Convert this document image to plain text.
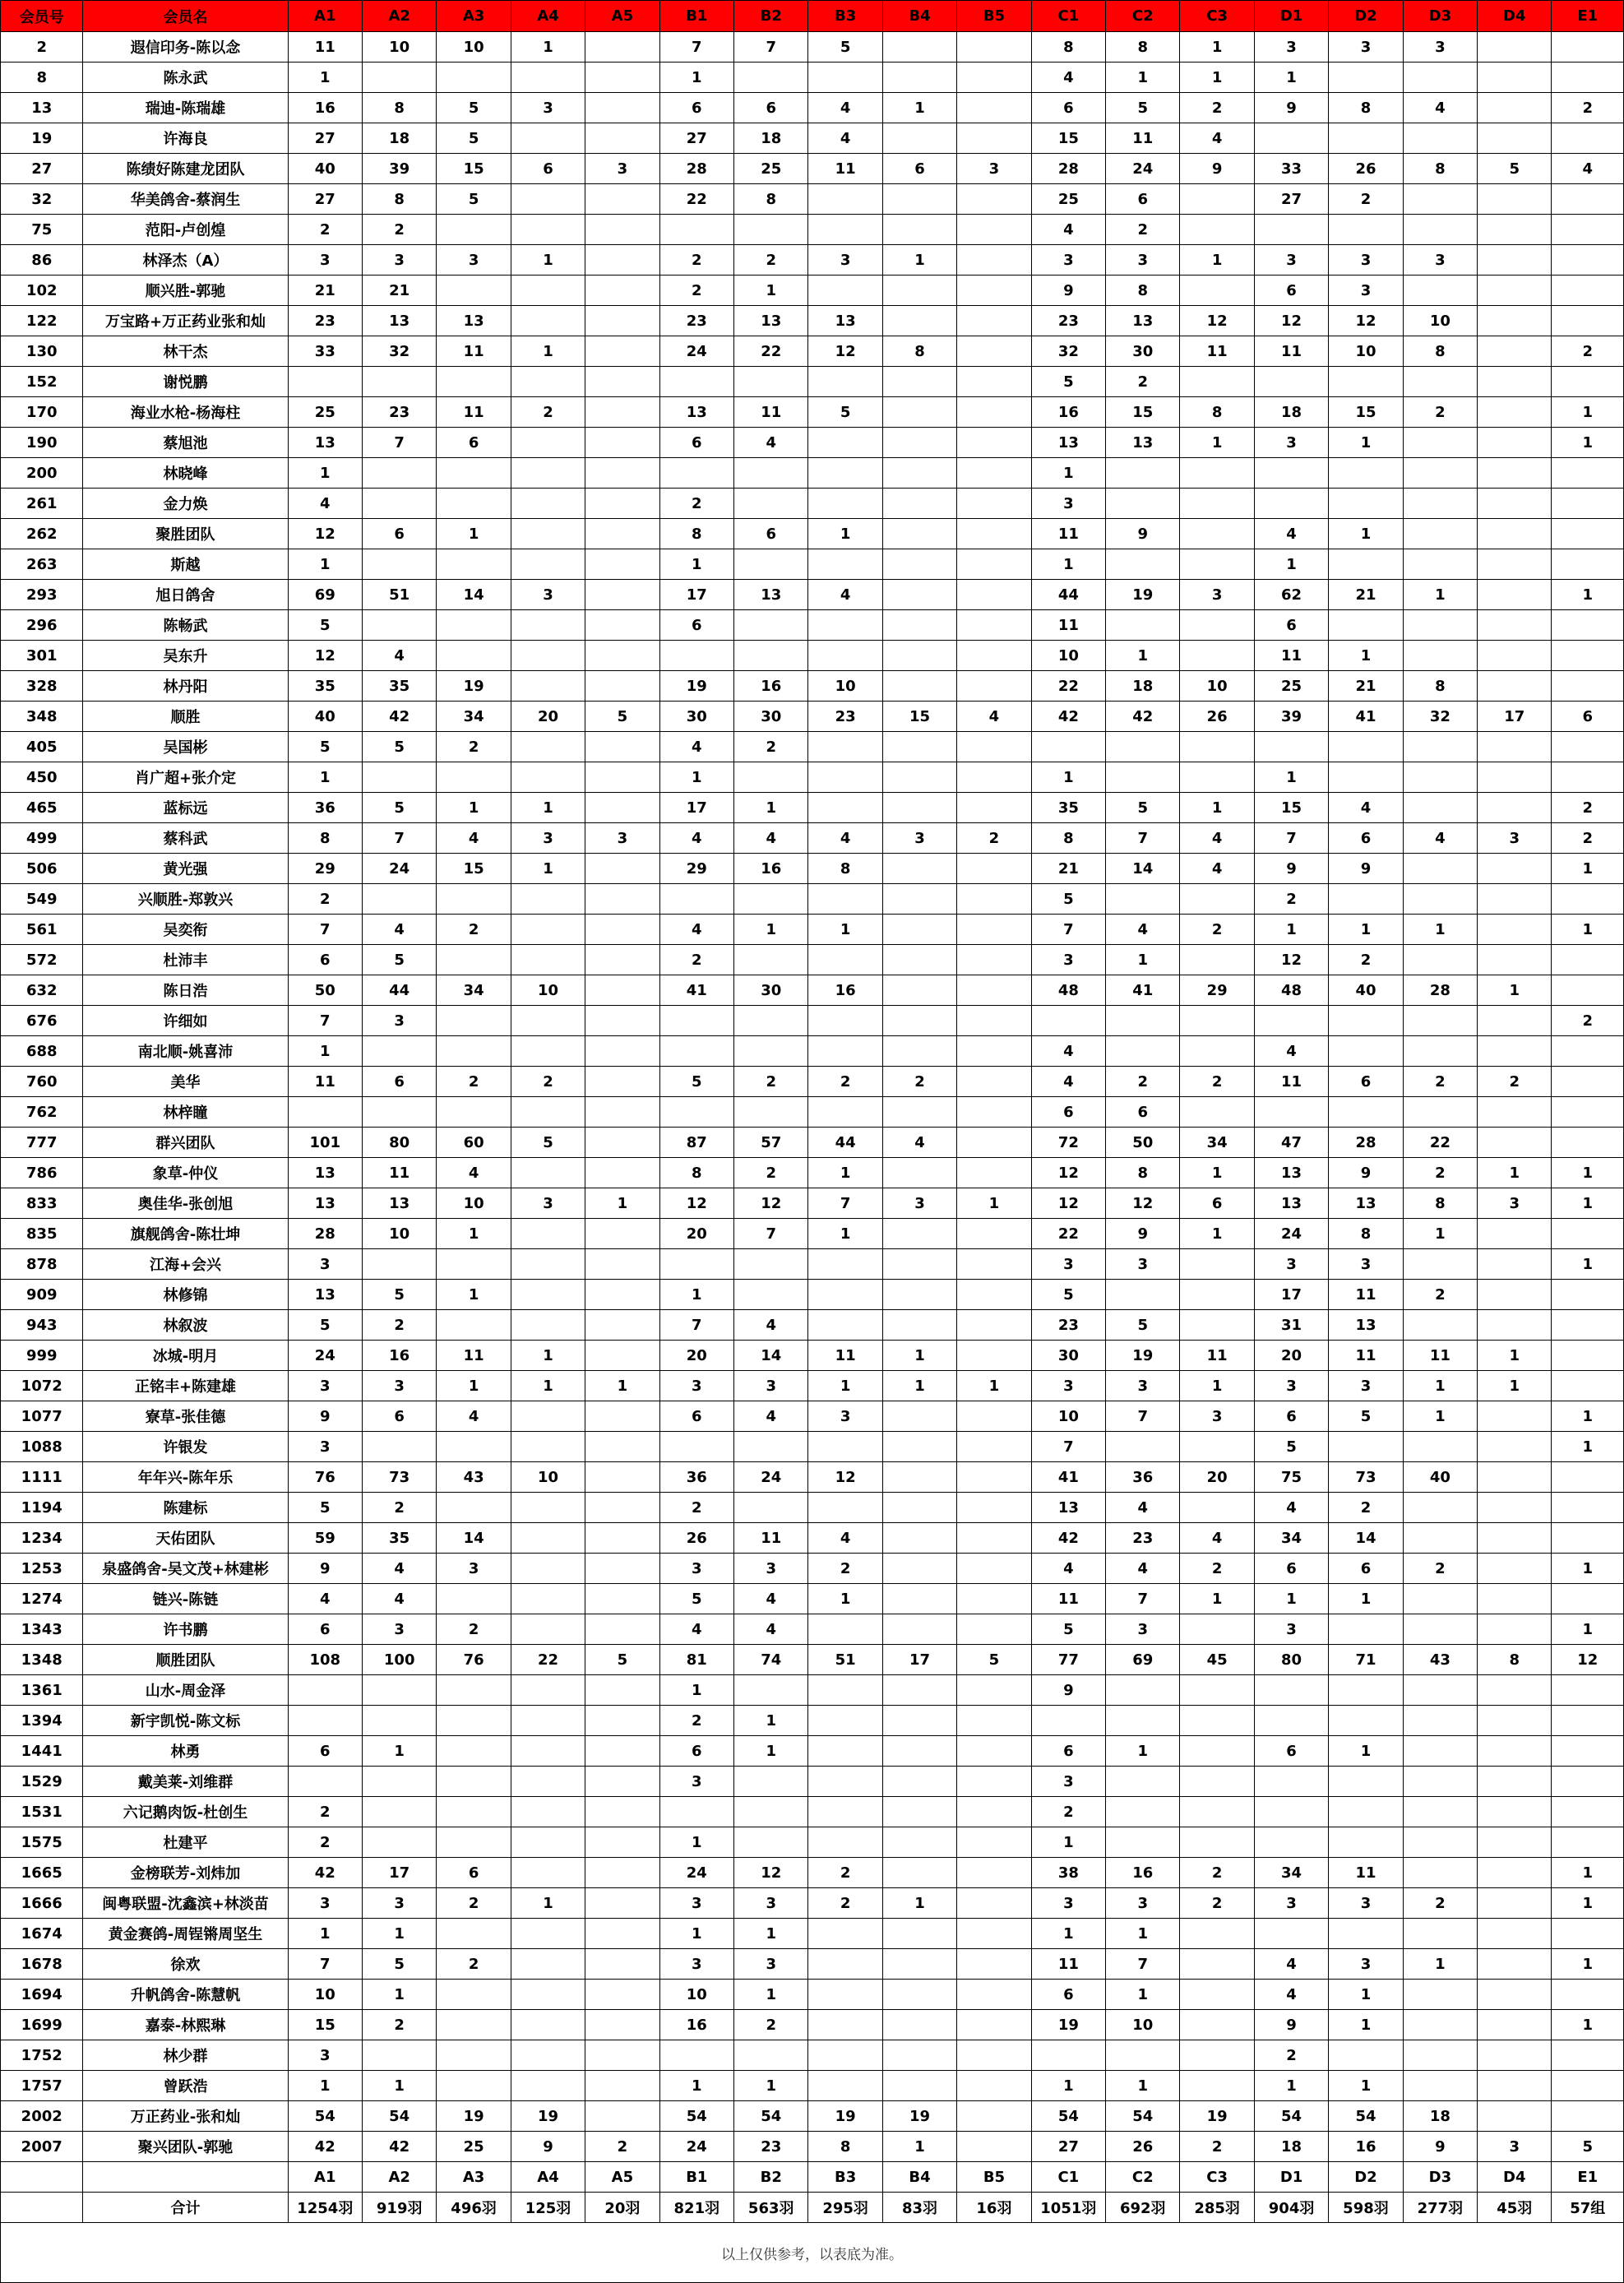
会员号	会员名	A1	A2	A3	A4	A5	B1	B2	B3	B4	B5	C1	C2	C3	D1	D2	D3	D4	E1
2	遐信印务-陈以念	11	10	10	1		7	7	5			8	8	1	3	3	3		
8	陈永武	1					1					4	1	1	1				
13	瑞迪-陈瑞雄	16	8	5	3		6	6	4	1		6	5	2	9	8	4		2
19	许海良	27	18	5			27	18	4			15	11	4					
27	陈绩好陈建龙团队	40	39	15	6	3	28	25	11	6	3	28	24	9	33	26	8	5	4
32	华美鸽舍-蔡润生	27	8	5			22	8				25	6		27	2			
75	范阳-卢创煌	2	2									4	2						
86	林泽杰（A）	3	3	3	1		2	2	3	1		3	3	1	3	3	3		
102	顺兴胜-郭驰	21	21				2	1				9	8		6	3			
122	万宝路+万正药业张和灿	23	13	13			23	13	13			23	13	12	12	12	10		
130	林干杰	33	32	11	1		24	22	12	8		32	30	11	11	10	8		2
152	谢悦鹏											5	2						
170	海业水枪-杨海柱	25	23	11	2		13	11	5			16	15	8	18	15	2		1
190	蔡旭池	13	7	6			6	4				13	13	1	3	1			1
200	林晓峰	1										1							
261	金力焕	4					2					3							
262	聚胜团队	12	6	1			8	6	1			11	9		4	1			
263	斯越	1					1					1			1				
293	旭日鸽舍	69	51	14	3		17	13	4			44	19	3	62	21	1		1
296	陈畅武	5					6					11			6				
301	吴东升	12	4									10	1		11	1			
328	林丹阳	35	35	19			19	16	10			22	18	10	25	21	8		
348	顺胜	40	42	34	20	5	30	30	23	15	4	42	42	26	39	41	32	17	6
405	吴国彬	5	5	2			4	2											
450	肖广超+张介定	1					1					1			1				
465	蓝标远	36	5	1	1		17	1				35	5	1	15	4			2
499	蔡科武	8	7	4	3	3	4	4	4	3	2	8	7	4	7	6	4	3	2
506	黄光强	29	24	15	1		29	16	8			21	14	4	9	9			1
549	兴顺胜-郑敦兴	2										5			2				
561	吴奕衔	7	4	2			4	1	1			7	4	2	1	1	1		1
572	杜沛丰	6	5				2					3	1		12	2			
632	陈日浩	50	44	34	10		41	30	16			48	41	29	48	40	28	1	
676	许细如	7	3																2
688	南北顺-姚喜沛	1										4			4				
760	美华	11	6	2	2		5	2	2	2		4	2	2	11	6	2	2	
762	林梓瞳											6	6						
777	群兴团队	101	80	60	5		87	57	44	4		72	50	34	47	28	22		
786	象草-仲仪	13	11	4			8	2	1			12	8	1	13	9	2	1	1
833	奥佳华-张创旭	13	13	10	3	1	12	12	7	3	1	12	12	6	13	13	8	3	1
835	旗舰鸽舍-陈壮坤	28	10	1			20	7	1			22	9	1	24	8	1		
878	江海+会兴	3										3	3		3	3			1
909	林修锦	13	5	1			1					5			17	11	2		
943	林叙波	5	2				7	4				23	5		31	13			
999	冰城-明月	24	16	11	1		20	14	11	1		30	19	11	20	11	11	1	
1072	正铭丰+陈建雄	3	3	1	1	1	3	3	1	1	1	3	3	1	3	3	1	1	
1077	寮草-张佳德	9	6	4			6	4	3			10	7	3	6	5	1		1
1088	许银发	3										7			5				1
1111	年年兴-陈年乐	76	73	43	10		36	24	12			41	36	20	75	73	40		
1194	陈建标	5	2				2					13	4		4	2			
1234	天佑团队	59	35	14			26	11	4			42	23	4	34	14			
1253	泉盛鸽舍-吴文茂+林建彬	9	4	3			3	3	2			4	4	2	6	6	2		1
1274	链兴-陈链	4	4				5	4	1			11	7	1	1	1			
1343	许书鹏	6	3	2			4	4				5	3		3				1
1348	顺胜团队	108	100	76	22	5	81	74	51	17	5	77	69	45	80	71	43	8	12
1361	山水-周金泽						1					9							
1394	新宇凯悦-陈文标						2	1											
1441	林勇	6	1				6	1				6	1		6	1			
1529	戴美莱-刘维群						3					3							
1531	六记鹅肉饭-杜创生	2										2							
1575	杜建平	2					1					1							
1665	金榜联芳-刘炜加	42	17	6			24	12	2			38	16	2	34	11			1
1666	闽粤联盟-沈鑫滨+林淡苗	3	3	2	1		3	3	2	1		3	3	2	3	3	2		1
1674	黄金赛鸽-周锃锵周坚生	1	1				1	1				1	1						
1678	徐欢	7	5	2			3	3				11	7		4	3	1		1
1694	升帆鸽舍-陈慧帆	10	1				10	1				6	1		4	1			
1699	嘉泰-林熙琳	15	2				16	2				19	10		9	1			1
1752	林少群	3													2				
1757	曾跃浩	1	1				1	1				1	1		1	1			
2002	万正药业-张和灿	54	54	19	19		54	54	19	19		54	54	19	54	54	18		
2007	聚兴团队-郭驰	42	42	25	9	2	24	23	8	1		27	26	2	18	16	9	3	5
		A1	A2	A3	A4	A5	B1	B2	B3	B4	B5	C1	C2	C3	D1	D2	D3	D4	E1
	合计	1254羽	919羽	496羽	125羽	20羽	821羽	563羽	295羽	83羽	16羽	1051羽	692羽	285羽	904羽	598羽	277羽	45羽	57组
以上仅供参考，以表底为准。																			
